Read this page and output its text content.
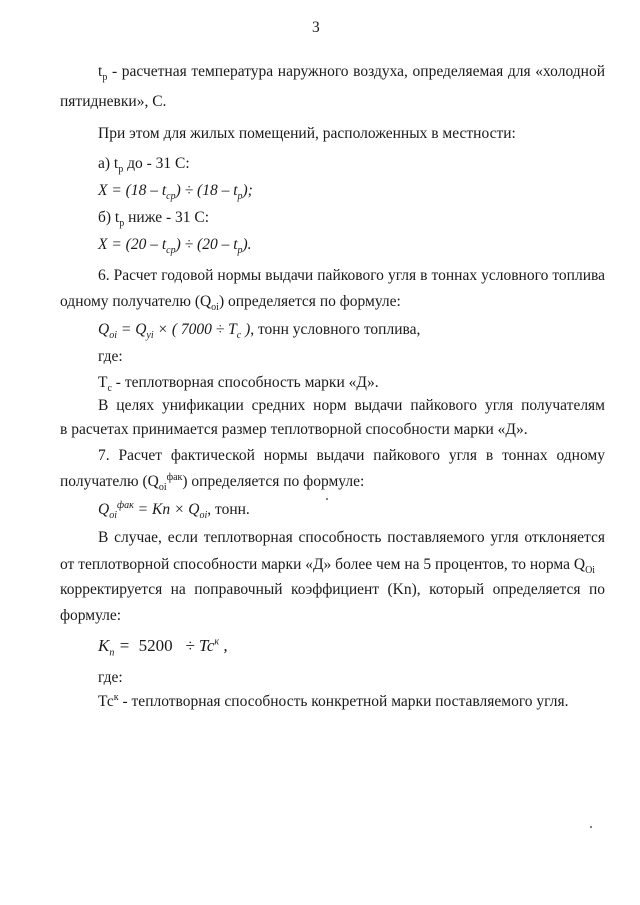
3
$t_р$ - расчетная температура наружного воздуха, определяемая для «холодной
пятидневки», С.
При этом для жилых помещений, расположенных в местности:
а) $t_р$ до - 31 С:
$X = (18 - t_{ср}) \div (18 - t_р)$;
б) $t_р$ ниже - 31 С:
$X = (20 - t_{ср}) \div (20 - t_р)$.
6. Расчет годовой нормы выдачи пайкового угля в тоннах условного топлива
одному получателю $(Q_{oi})$ определяется по формуле:
$Q_{oi} = Q_{yi}$ × ( $7000 \div T_c$ ), тонн условного топлива,
где:
$Т_с$ - теплотворная способность марки «Д».
В целях унификации средних норм выдачи пайкового угля получателям
в расчетах принимается размер теплотворной способности марки «Д».
7. Расчет фактической нормы выдачи пайкового угля в тоннах одному
получателю $(Q_{oi}^{фак})$ определяется по формуле:
$Q_{oi}^{фак} = Kn \times Q_{oi}$, тонн.
В случае, если теплотворная способность поставляемого угля отклоняется
от теплотворной способности марки «Д» более чем на 5 процентов, то норма $Q_{Oi}$
корректируется на поправочный коэффициент (Kn), который определяется по
формуле:
$K_n = 5200 \div Tc^к$ ,
где:
$Тс^к$ - теплотворная способность конкретной марки поставляемого угля.
